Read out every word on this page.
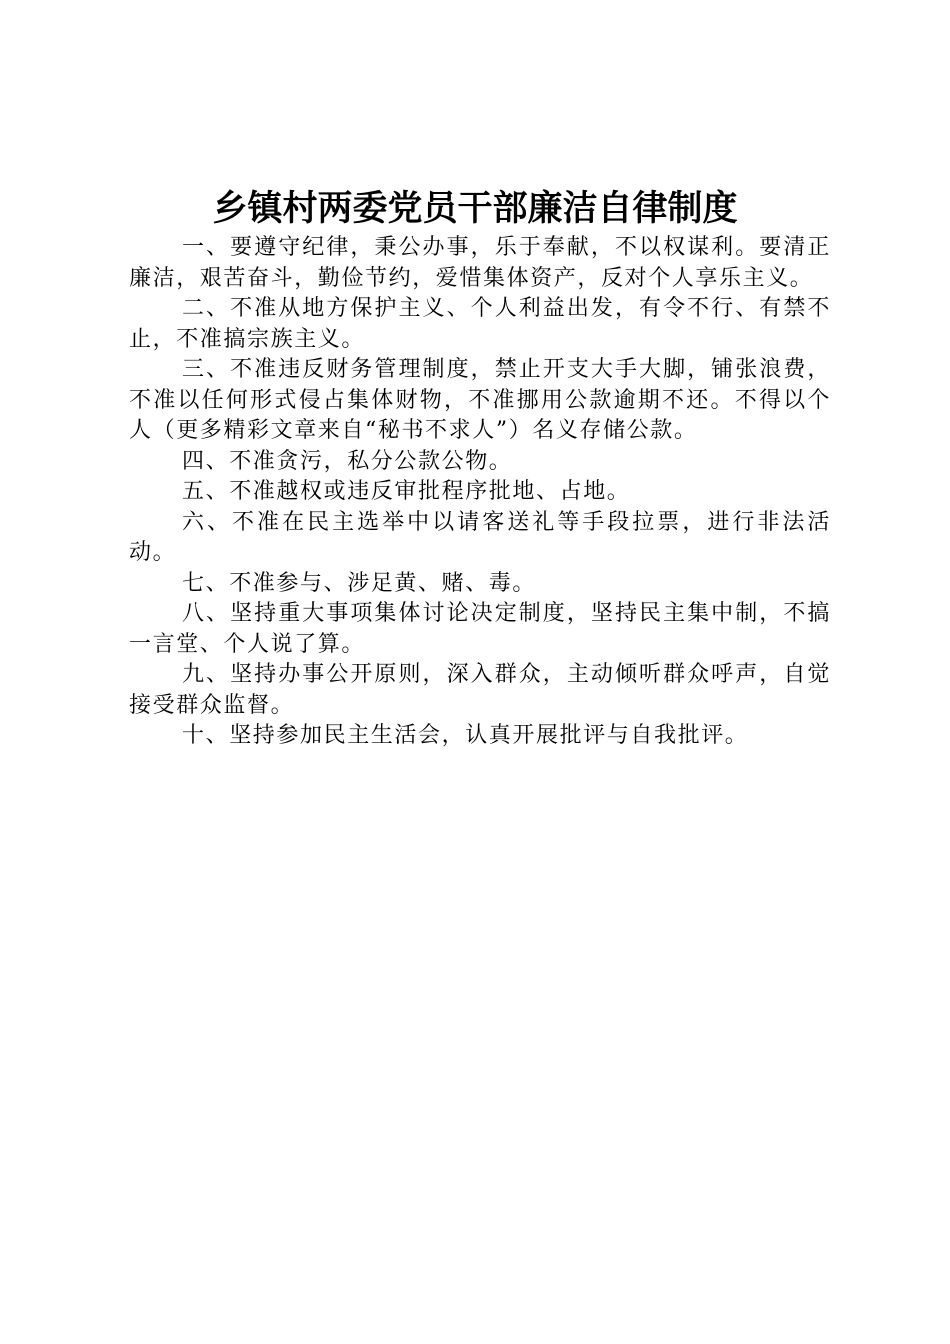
乡镇村两委党员干部廉洁自律制度

一、要遵守纪律，秉公办事，乐于奉献，不以权谋利。要清正廉洁，艰苦奋斗，勤俭节约，爱惜集体资产，反对个人享乐主义。

二、不准从地方保护主义、个人利益出发，有令不行、有禁不止，不准搞宗族主义。

三、不准违反财务管理制度，禁止开支大手大脚，铺张浪费，不准以任何形式侵占集体财物，不准挪用公款逾期不还。不得以个人（更多精彩文章来自“秘书不求人”）名义存储公款。

四、不准贪污，私分公款公物。

五、不准越权或违反审批程序批地、占地。

六、不准在民主选举中以请客送礼等手段拉票，进行非法活动。

七、不准参与、涉足黄、赌、毒。

八、坚持重大事项集体讨论决定制度，坚持民主集中制，不搞一言堂、个人说了算。

九、坚持办事公开原则，深入群众，主动倾听群众呼声，自觉接受群众监督。

十、坚持参加民主生活会，认真开展批评与自我批评。
